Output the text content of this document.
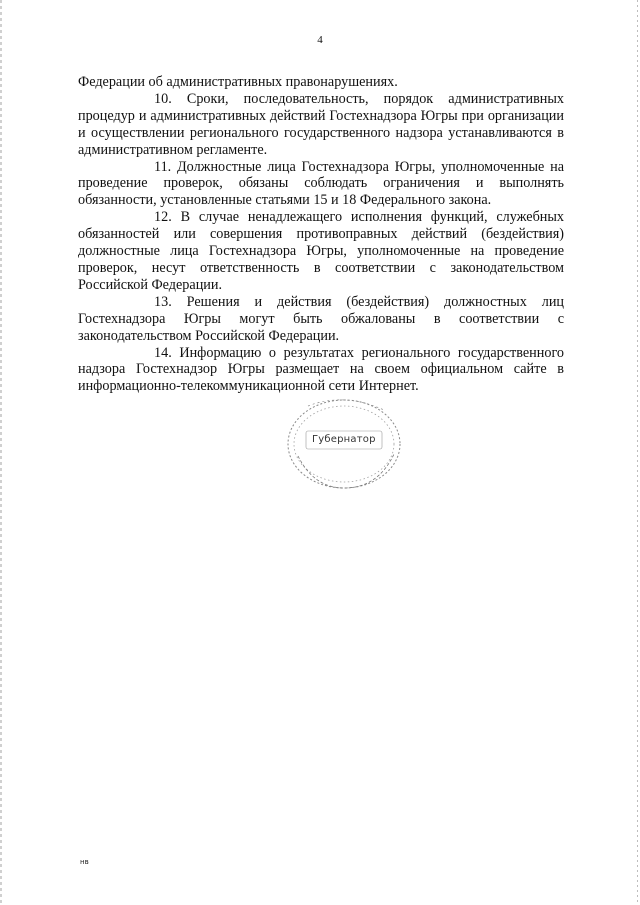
4

Федерации об административных правонарушениях.

10. Сроки, последовательность, порядок административных процедур и административных действий Гостехнадзора Югры при организации и осуществлении регионального государственного надзора устанавливаются в административном регламенте.

11. Должностные лица Гостехнадзора Югры, уполномоченные на проведение проверок, обязаны соблюдать ограничения и выполнять обязанности, установленные статьями 15 и 18 Федерального закона.

12. В случае ненадлежащего исполнения функций, служебных обязанностей или совершения противоправных действий (бездействия) должностные лица Гостехнадзора Югры, уполномоченные на проведение проверок, несут ответственность в соответствии с законодательством Российской Федерации.

13. Решения и действия (бездействия) должностных лиц Гостехнадзора Югры могут быть обжалованы в соответствии с законодательством Российской Федерации.

14. Информацию о результатах регионального государственного надзора Гостехнадзор Югры размещает на своем официальном сайте в информационно-телекоммуникационной сети Интернет.

Губернатор
нв
